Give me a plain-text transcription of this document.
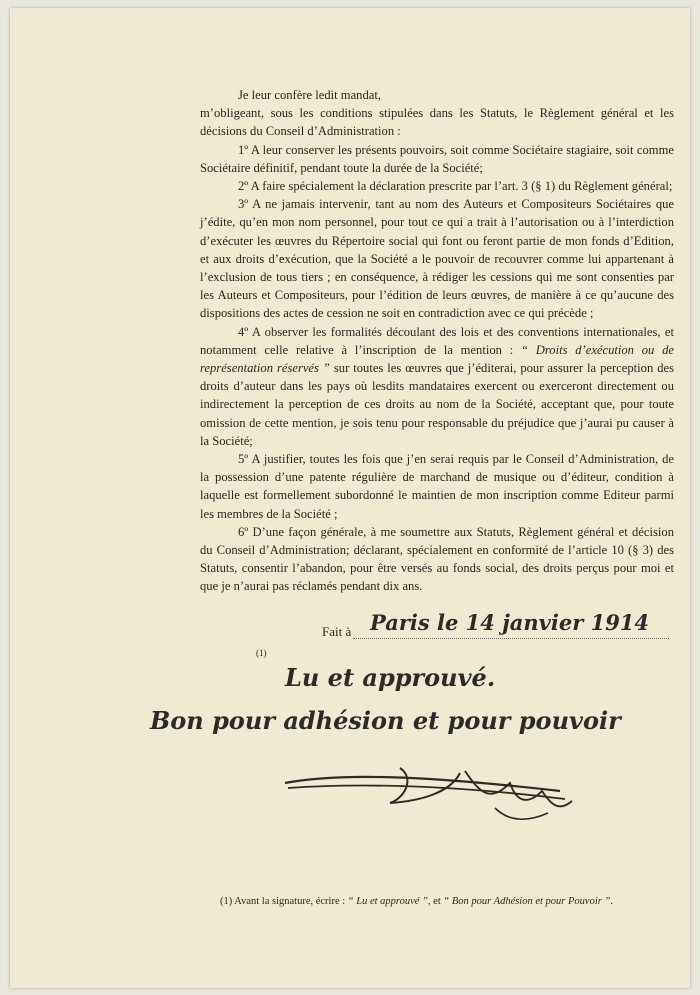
Je leur confère ledit mandat,

m’obligeant, sous les conditions stipulées dans les Statuts, le Règlement général et les décisions du Conseil d’Administration :

1º A leur conserver les présents pouvoirs, soit comme Sociétaire stagiaire, soit comme Sociétaire définitif, pendant toute la durée de la Société;

2º A faire spécialement la déclaration prescrite par l’art. 3 (§ 1) du Règlement général;

3º A ne jamais intervenir, tant au nom des Auteurs et Compositeurs Sociétaires que j’édite, qu’en mon nom personnel, pour tout ce qui a trait à l’autorisation ou à l’interdiction d’exécuter les œuvres du Répertoire social qui font ou feront partie de mon fonds d’Edition, et aux droits d’exécution, que la Société a le pouvoir de recouvrer comme lui appartenant à l’exclusion de tous tiers ; en conséquence, à rédiger les cessions qui me sont consenties par les Auteurs et Compositeurs, pour l’édition de leurs œuvres, de manière à ce qu’aucune des dispositions des actes de cession ne soit en contradiction avec ce qui précède ;

4º A observer les formalités découlant des lois et des conventions internationales, et notamment celle relative à l’inscription de la mention : “ Droits d’exécution ou de représentation réservés ” sur toutes les œuvres que j’éditerai, pour assurer la perception des droits d’auteur dans les pays où lesdits mandataires exercent ou exerceront directement ou indirectement la perception de ces droits au nom de la Société, acceptant que, pour toute omission de cette mention, je sois tenu pour responsable du préjudice que j’aurai pu causer à la Société;

5º A justifier, toutes les fois que j’en serai requis par le Conseil d’Administration, de la possession d’une patente régulière de marchand de musique ou d’éditeur, condition à laquelle est formellement subordonné le maintien de mon inscription comme Editeur parmi les membres de la Société ;

6º D’une façon générale, à me soumettre aux Statuts, Règlement général et décision du Conseil d’Administration; déclarant, spécialement en conformité de l’article 10 (§ 3) des Statuts, consentir l’abandon, pour être versés au fonds social, des droits perçus pour moi et que je n’aurai pas réclamés pendant dix ans.

Fait à Paris le 14 janvier 1914
(1)
Lu et approuvé.
Bon pour adhésion et pour pouvoir
(1) Avant la signature, écrire : “ Lu et approuvé ”, et “ Bon pour Adhésion et pour Pouvoir ”.
